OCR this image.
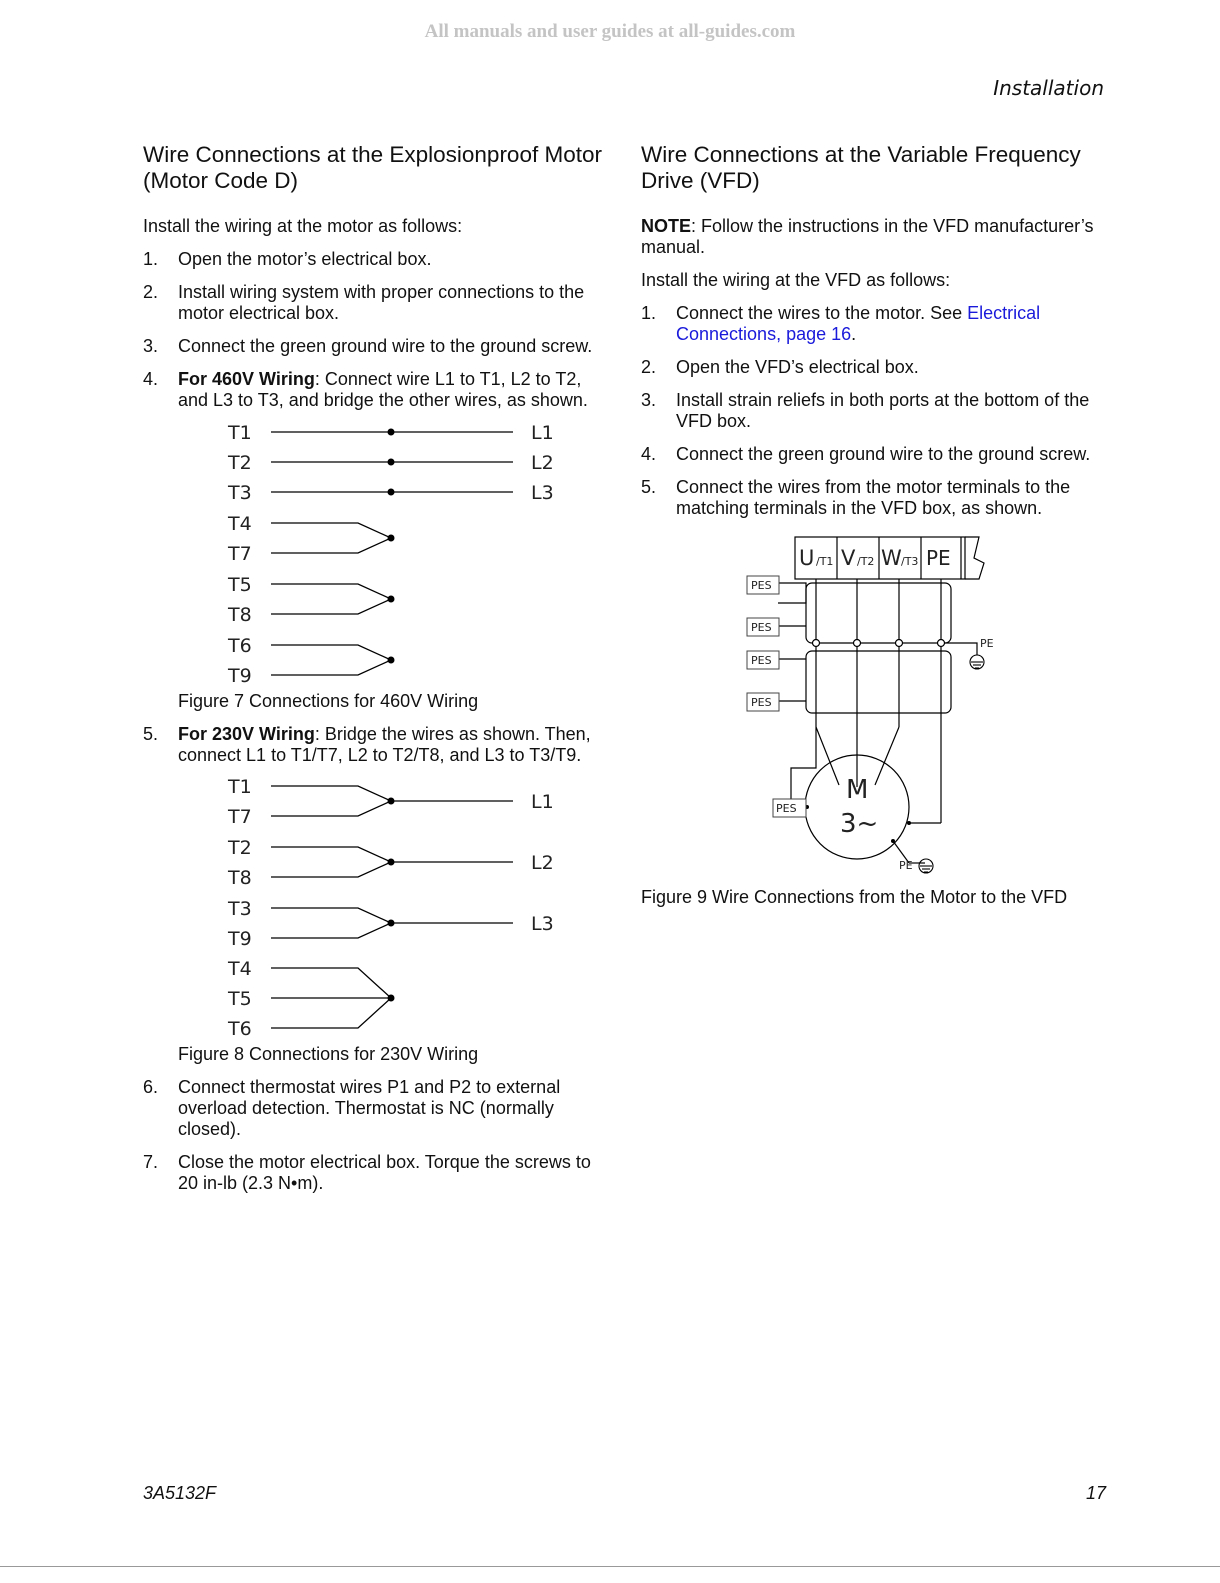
All manuals and user guides at all-guides.com
Installation
Wire Connections at the Explosionproof Motor (Motor Code D)

Install the wiring at the motor as follows:

1.	Open the motor’s electrical box.
2.	Install wiring system with proper connections to the motor electrical box.
3.	Connect the green ground wire to the ground screw.
4.	For 460V Wiring: Connect wire L1 to T1, L2 to T2, and L3 to T3, and bridge the other wires, as shown.
T1
T2
T3
T4
T7
T5
T8
T6
T9
L1
L2
L3

Figure 7 Connections for 460V Wiring

5.	For 230V Wiring: Bridge the wires as shown. Then, connect L1 to T1/T7, L2 to T2/T8, and L3 to T3/T9.
T1
T7
T2
T8
T3
T9
T4
T5
T6
L1
L2
L3

Figure 8 Connections for 230V Wiring

6.	Connect thermostat wires P1 and P2 to external overload detection. Thermostat is NC (normally closed).
7.	Close the motor electrical box. Torque the screws to 20 in-lb (2.3 N•m).
Wire Connections at the Variable Frequency Drive (VFD)

NOTE: Follow the instructions in the VFD manufacturer’s manual.

Install the wiring at the VFD as follows:

1.	Connect the wires to the motor. See Electrical Connections, page 16.
2.	Open the VFD’s electrical box.
3.	Install strain reliefs in both ports at the bottom of the VFD box.
4.	Connect the green ground wire to the ground screw.
5.	Connect the wires from the motor terminals to the matching terminals in the VFD box, as shown.
U /T1 V /T2 W /T3 PE
PES
PES
PES
PES
PES
PE
PE
M
3~

Figure 9 Wire Connections from the Motor to the VFD

3A5132F	17
